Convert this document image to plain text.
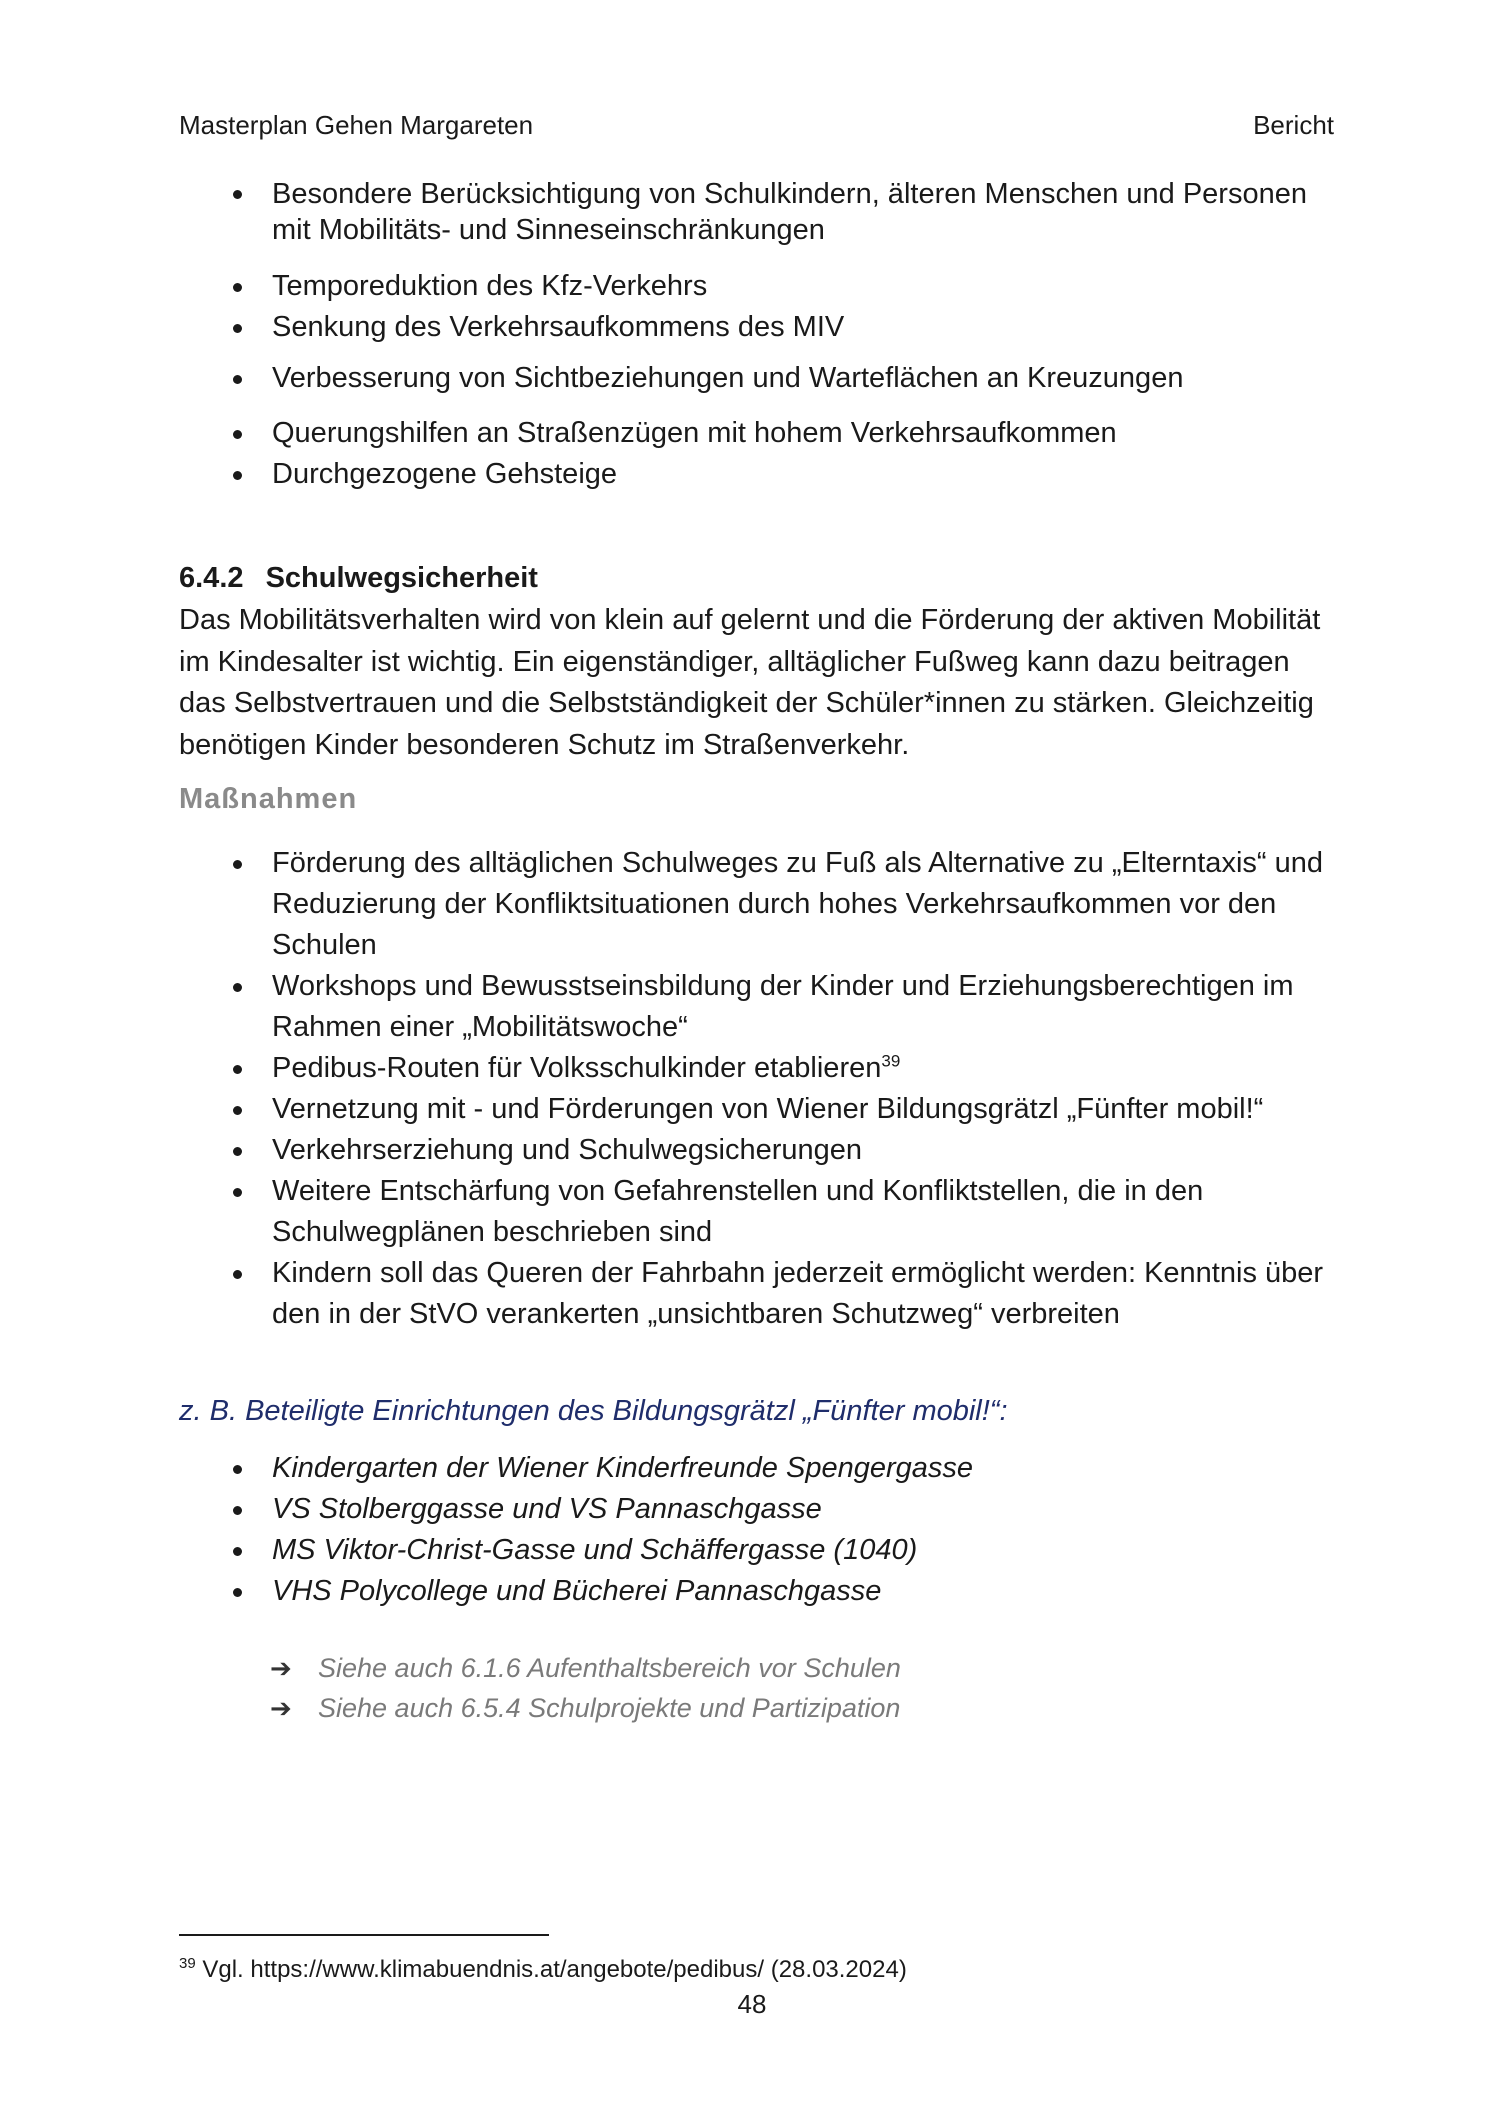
Masterplan Gehen Margareten	Bericht
Besondere Berücksichtigung von Schulkindern, älteren Menschen und Personen mit Mobilitäts- und Sinneseinschränkungen
Temporeduktion des Kfz-Verkehrs
Senkung des Verkehrsaufkommens des MIV
Verbesserung von Sichtbeziehungen und Warteflächen an Kreuzungen
Querungshilfen an Straßenzügen mit hohem Verkehrsaufkommen
Durchgezogene Gehsteige
6.4.2 Schulwegsicherheit
Das Mobilitätsverhalten wird von klein auf gelernt und die Förderung der aktiven Mobilität im Kindesalter ist wichtig. Ein eigenständiger, alltäglicher Fußweg kann dazu beitragen das Selbstvertrauen und die Selbstständigkeit der Schüler*innen zu stärken. Gleichzeitig benötigen Kinder besonderen Schutz im Straßenverkehr.
Maßnahmen
Förderung des alltäglichen Schulweges zu Fuß als Alternative zu „Elterntaxis“ und Reduzierung der Konfliktsituationen durch hohes Verkehrsaufkommen vor den Schulen
Workshops und Bewusstseinsbildung der Kinder und Erziehungsberechtigen im Rahmen einer „Mobilitätswoche“
Pedibus-Routen für Volksschulkinder etablieren$^{39}$
Vernetzung mit - und Förderungen von Wiener Bildungsgrätzl „Fünfter mobil!“
Verkehrserziehung und Schulwegsicherungen
Weitere Entschärfung von Gefahrenstellen und Konfliktstellen, die in den Schulwegplänen beschrieben sind
Kindern soll das Queren der Fahrbahn jederzeit ermöglicht werden: Kenntnis über den in der StVO verankerten „unsichtbaren Schutzweg“ verbreiten
z. B. Beteiligte Einrichtungen des Bildungsgrätzl „Fünfter mobil!“:
Kindergarten der Wiener Kinderfreunde Spengergasse
VS Stolberggasse und VS Pannaschgasse
MS Viktor-Christ-Gasse und Schäffergasse (1040)
VHS Polycollege und Bücherei Pannaschgasse
➔ Siehe auch 6.1.6 Aufenthaltsbereich vor Schulen
➔ Siehe auch 6.5.4 Schulprojekte und Partizipation
$^{39}$ Vgl. https://www.klimabuendnis.at/angebote/pedibus/ (28.03.2024)
48
